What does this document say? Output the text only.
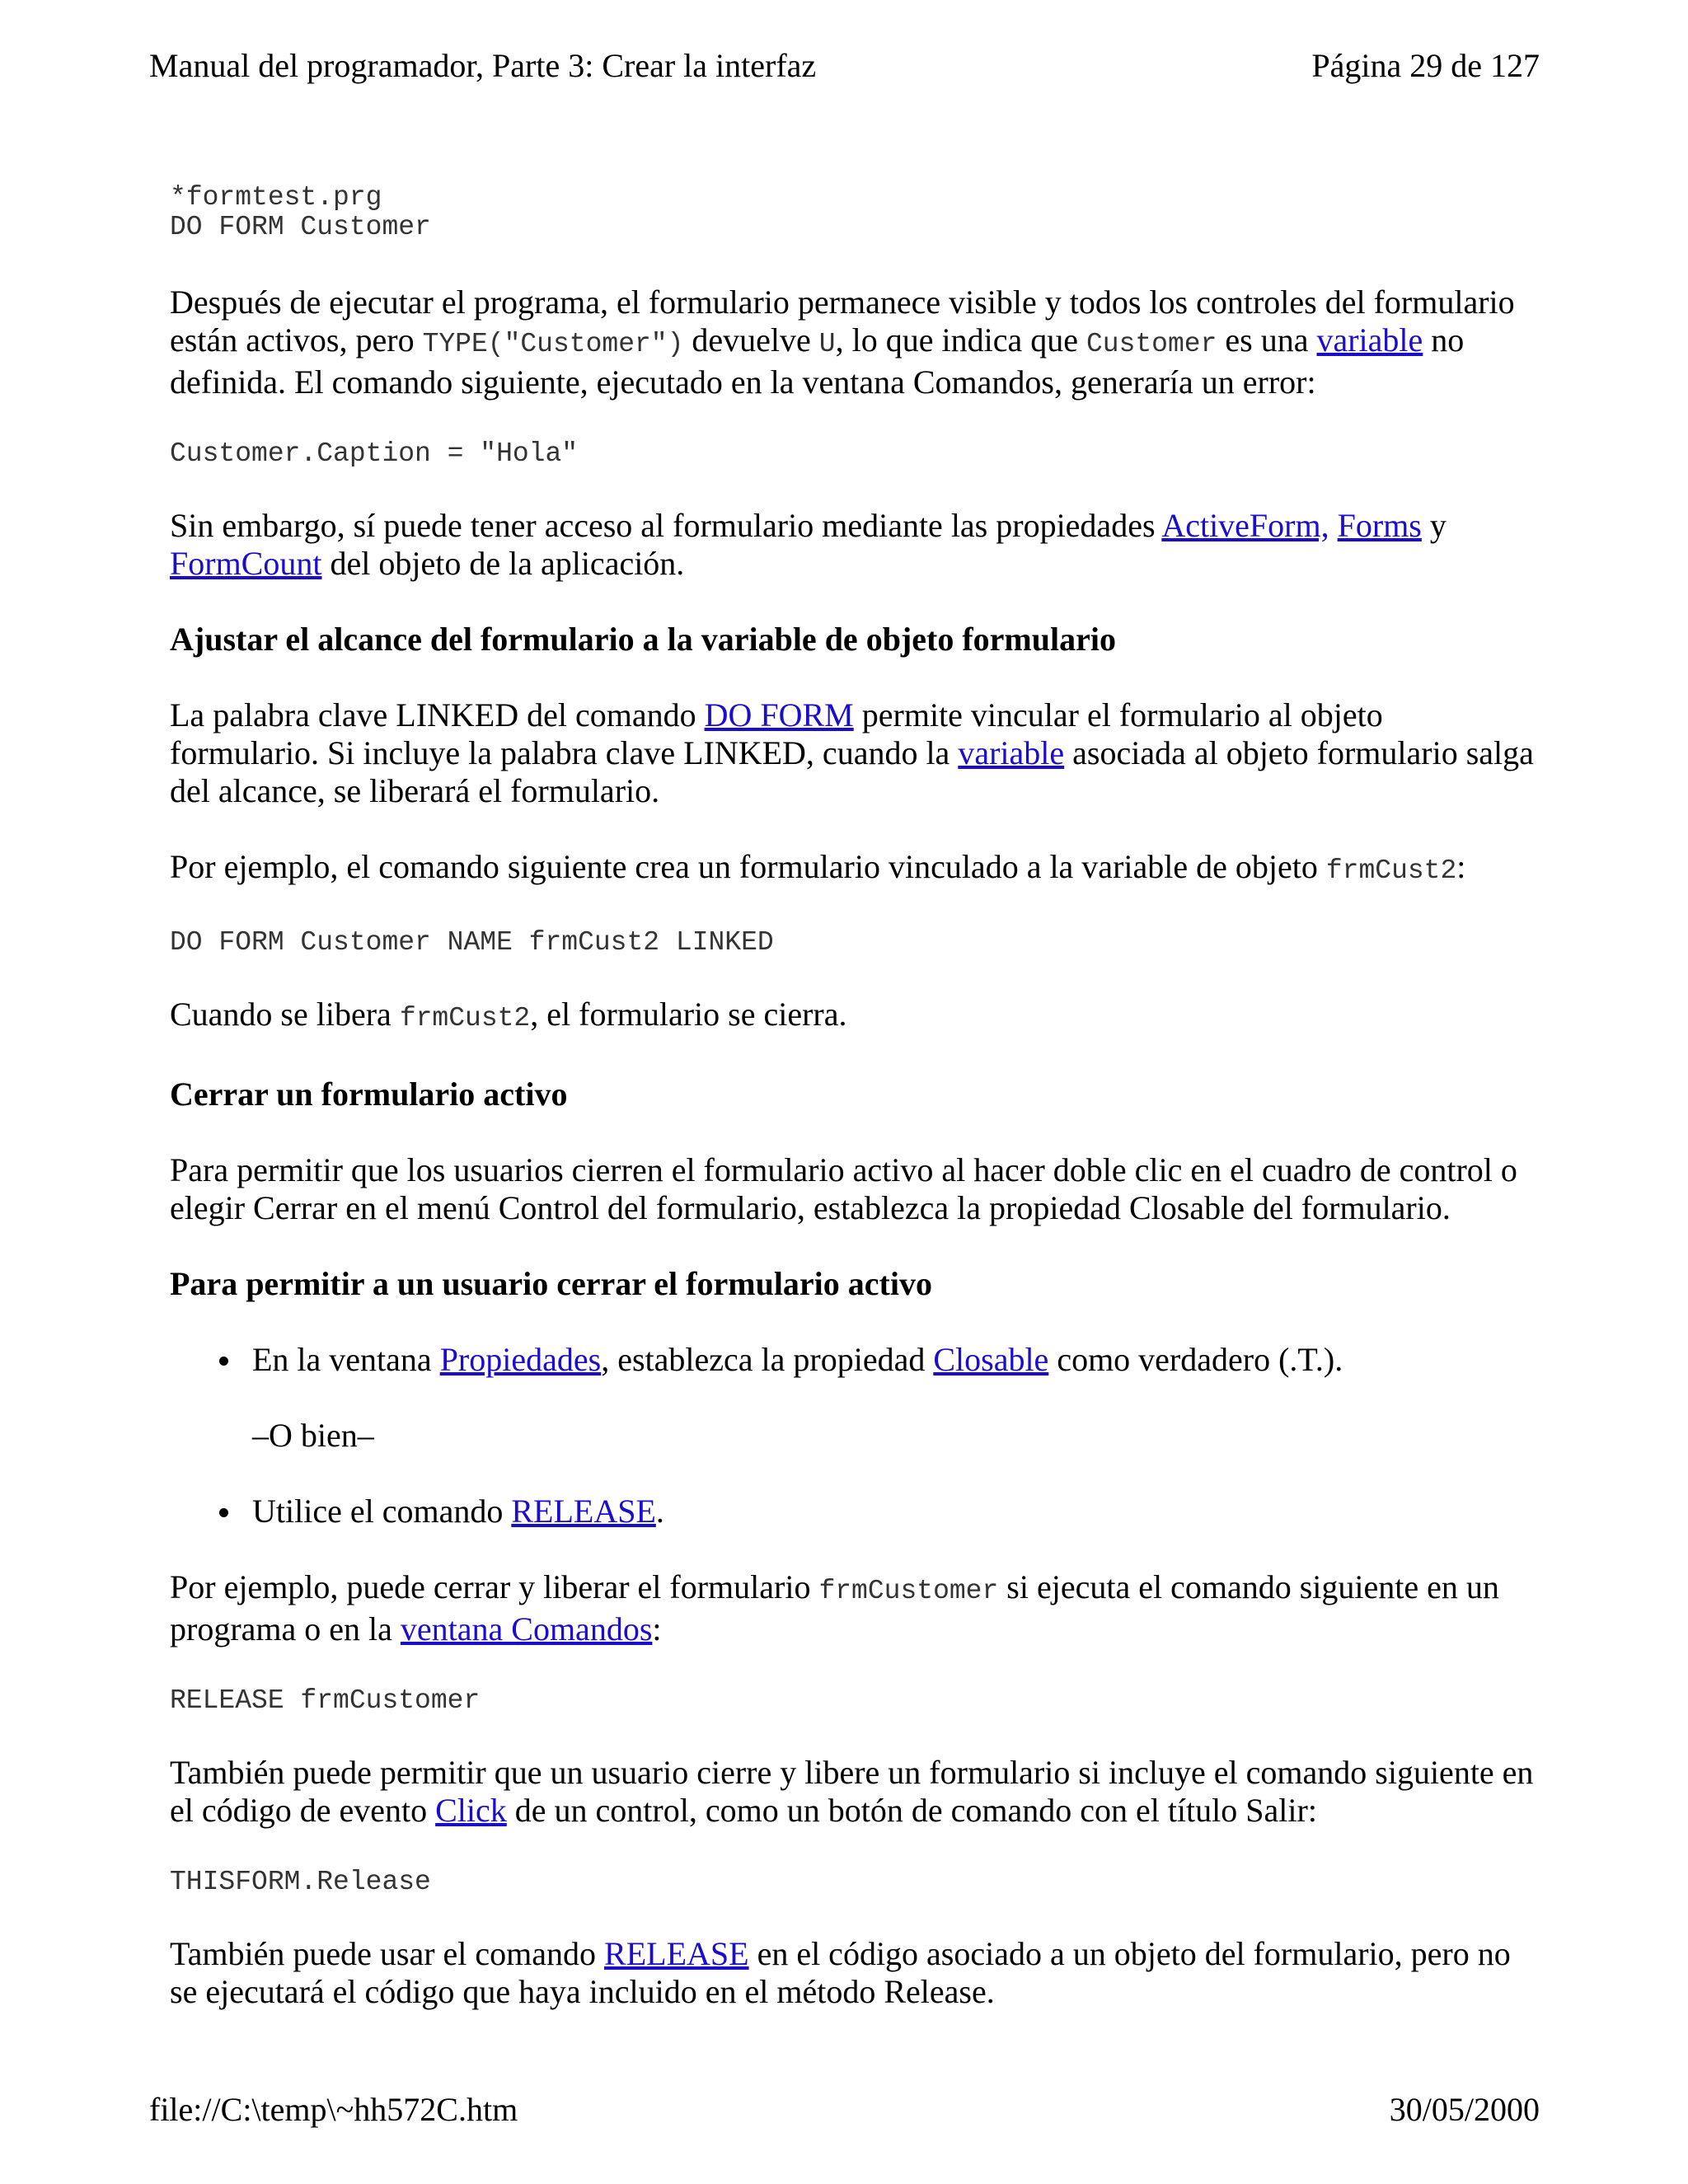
Manual del programador, Parte 3: Crear la interfaz	Página 29 de 127
*formtest.prg
DO FORM Customer

Después de ejecutar el programa, el formulario permanece visible y todos los controles del formulario están activos, pero TYPE("Customer") devuelve U, lo que indica que Customer es una variable no definida. El comando siguiente, ejecutado en la ventana Comandos, generaría un error:

Customer.Caption = "Hola"

Sin embargo, sí puede tener acceso al formulario mediante las propiedades ActiveForm, Forms y FormCount del objeto de la aplicación.

Ajustar el alcance del formulario a la variable de objeto formulario

La palabra clave LINKED del comando DO FORM permite vincular el formulario al objeto formulario. Si incluye la palabra clave LINKED, cuando la variable asociada al objeto formulario salga del alcance, se liberará el formulario.

Por ejemplo, el comando siguiente crea un formulario vinculado a la variable de objeto frmCust2:

DO FORM Customer NAME frmCust2 LINKED

Cuando se libera frmCust2, el formulario se cierra.

Cerrar un formulario activo

Para permitir que los usuarios cierren el formulario activo al hacer doble clic en el cuadro de control o elegir Cerrar en el menú Control del formulario, establezca la propiedad Closable del formulario.

Para permitir a un usuario cerrar el formulario activo
En la ventana Propiedades, establezca la propiedad Closable como verdadero (.T.).
–O bien–
Utilice el comando RELEASE.

Por ejemplo, puede cerrar y liberar el formulario frmCustomer si ejecuta el comando siguiente en un programa o en la ventana Comandos:

RELEASE frmCustomer

También puede permitir que un usuario cierre y libere un formulario si incluye el comando siguiente en el código de evento Click de un control, como un botón de comando con el título Salir:

THISFORM.Release

También puede usar el comando RELEASE en el código asociado a un objeto del formulario, pero no se ejecutará el código que haya incluido en el método Release.

file://C:\temp\~hh572C.htm	30/05/2000
